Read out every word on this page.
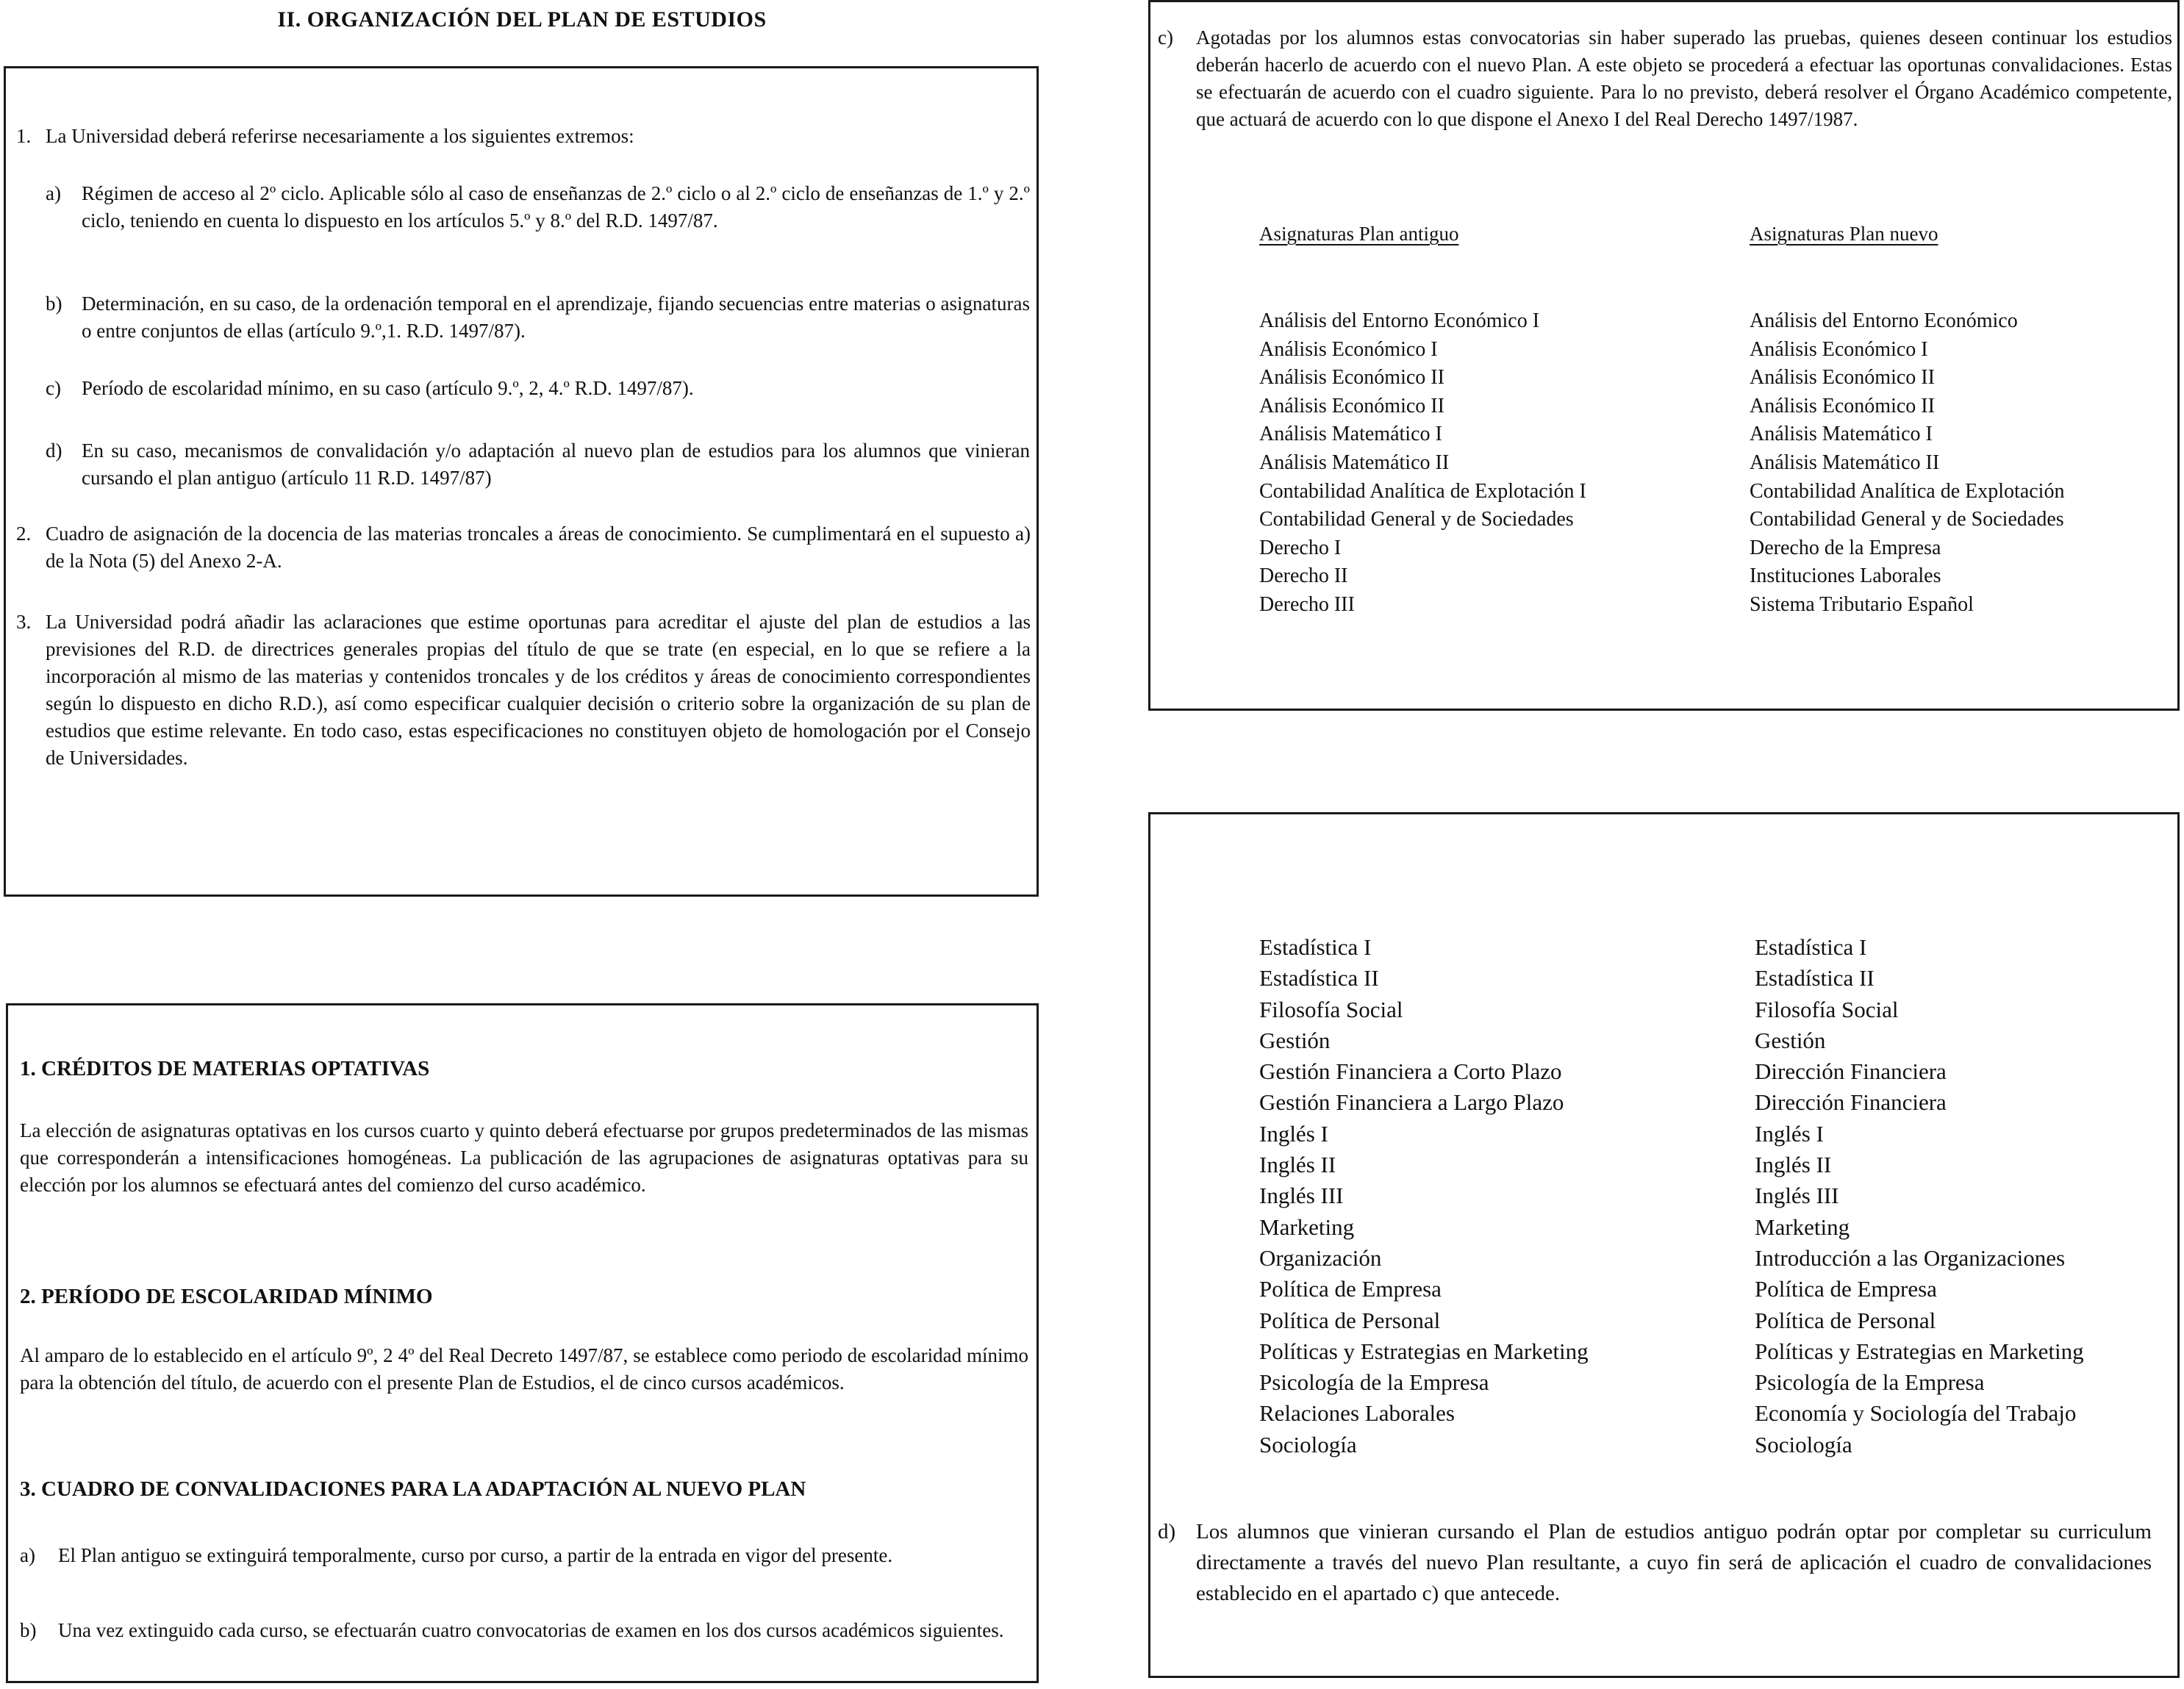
II. ORGANIZACIÓN DEL PLAN DE ESTUDIOS
1. La Universidad deberá referirse necesariamente a los siguientes extremos:
a) Régimen de acceso al 2º ciclo. Aplicable sólo al caso de enseñanzas de 2.º ciclo o al 2.º ciclo de enseñanzas de 1.º y 2.º ciclo, teniendo en cuenta lo dispuesto en los artículos 5.º y 8.º del R.D. 1497/87.
b) Determinación, en su caso, de la ordenación temporal en el aprendizaje, fijando secuencias entre materias o asignaturas o entre conjuntos de ellas (artículo 9.º,1. R.D. 1497/87).
c) Período de escolaridad mínimo, en su caso (artículo 9.º, 2, 4.º R.D. 1497/87).
d) En su caso, mecanismos de convalidación y/o adaptación al nuevo plan de estudios para los alumnos que vinieran cursando el plan antiguo (artículo 11 R.D. 1497/87)
2. Cuadro de asignación de la docencia de las materias troncales a áreas de conocimiento. Se cumplimentará en el supuesto a) de la Nota (5) del Anexo 2-A.
3. La Universidad podrá añadir las aclaraciones que estime oportunas para acreditar el ajuste del plan de estudios a las previsiones del R.D. de directrices generales propias del título de que se trate (en especial, en lo que se refiere a la incorporación al mismo de las materias y contenidos troncales y de los créditos y áreas de conocimiento correspondientes según lo dispuesto en dicho R.D.), así como especificar cualquier decisión o criterio sobre la organización de su plan de estudios que estime relevante. En todo caso, estas especificaciones no constituyen objeto de homologación por el Consejo de Universidades.
1. CRÉDITOS DE MATERIAS OPTATIVAS
La elección de asignaturas optativas en los cursos cuarto y quinto deberá efectuarse por grupos predeterminados de las mismas que corresponderán a intensificaciones homogéneas. La publicación de las agrupaciones de asignaturas optativas para su elección por los alumnos se efectuará antes del comienzo del curso académico.
2. PERÍODO DE ESCOLARIDAD MÍNIMO
Al amparo de lo establecido en el artículo 9º, 2 4º del Real Decreto 1497/87, se establece como periodo de escolaridad mínimo para la obtención del título, de acuerdo con el presente Plan de Estudios, el de cinco cursos académicos.
3. CUADRO DE CONVALIDACIONES PARA LA ADAPTACIÓN AL NUEVO PLAN
a) El Plan antiguo se extinguirá temporalmente, curso por curso, a partir de la entrada en vigor del presente.
b) Una vez extinguido cada curso, se efectuarán cuatro convocatorias de examen en los dos cursos académicos siguientes.
c) Agotadas por los alumnos estas convocatorias sin haber superado las pruebas, quienes deseen continuar los estudios deberán hacerlo de acuerdo con el nuevo Plan. A este objeto se procederá a efectuar las oportunas convalidaciones. Estas se efectuarán de acuerdo con el cuadro siguiente. Para lo no previsto, deberá resolver el Órgano Académico competente, que actuará de acuerdo con lo que dispone el Anexo I del Real Derecho 1497/1987.
Asignaturas Plan antiguo	Asignaturas Plan nuevo
Análisis del Entorno Económico I
Análisis Económico I
Análisis Económico II
Análisis Económico II
Análisis Matemático I
Análisis Matemático II
Contabilidad Analítica de Explotación I
Contabilidad General y de Sociedades
Derecho I
Derecho II
Derecho III
Análisis del Entorno Económico
Análisis Económico I
Análisis Económico II
Análisis Económico II
Análisis Matemático I
Análisis Matemático II
Contabilidad Analítica de Explotación
Contabilidad General y de Sociedades
Derecho de la Empresa
Instituciones Laborales
Sistema Tributario Español
Estadística I
Estadística II
Filosofía Social
Gestión
Gestión Financiera a Corto Plazo
Gestión Financiera a Largo Plazo
Inglés I
Inglés II
Inglés III
Marketing
Organización
Política de Empresa
Política de Personal
Políticas y Estrategias en Marketing
Psicología de la Empresa
Relaciones Laborales
Sociología
Estadística I
Estadística II
Filosofía Social
Gestión
Dirección Financiera
Dirección Financiera
Inglés I
Inglés II
Inglés III
Marketing
Introducción a las Organizaciones
Política de Empresa
Política de Personal
Políticas y Estrategias en Marketing
Psicología de la Empresa
Economía y Sociología del Trabajo
Sociología
d) Los alumnos que vinieran cursando el Plan de estudios antiguo podrán optar por completar su curriculum directamente a través del nuevo Plan resultante, a cuyo fin será de aplicación el cuadro de convalidaciones establecido en el apartado c) que antecede.
